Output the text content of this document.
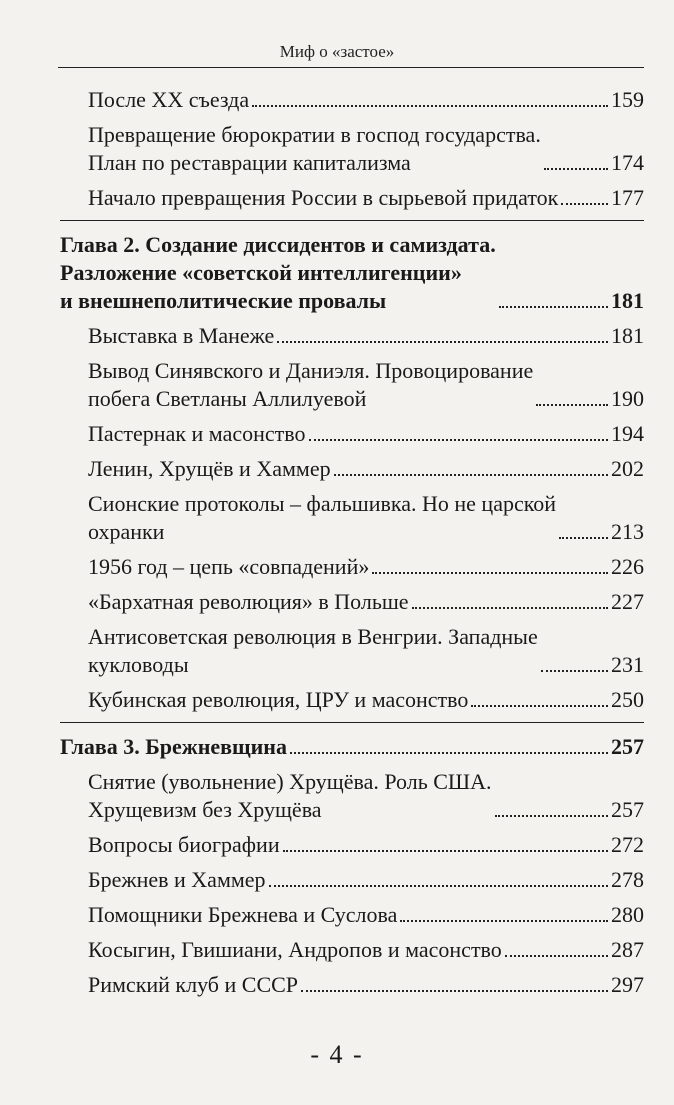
Миф о «застое»
После ХХ съезда	159
Превращение бюрократии в господ государства.
План по реставрации капитализма	174
Начало превращения России в сырьевой придаток 177
Глава 2. Создание диссидентов и самиздата.
Разложение «советской интеллигенции»
и внешнеполитические провалы	181
Выставка в Манеже	181
Вывод Синявского и Даниэля. Провоцирование
побега Светланы Аллилуевой	190
Пастернак и масонство	194
Ленин, Хрущёв и Хаммер	202
Сионские протоколы – фальшивка. Но не царской
охранки	213
1956 год – цепь «совпадений»	226
«Бархатная революция» в Польше	227
Антисоветская революция в Венгрии. Западные
кукловоды	231
Кубинская революция, ЦРУ и масонство	250
Глава 3. Брежневщина	257
Снятие (увольнение) Хрущёва. Роль США.
Хрущевизм без Хрущёва	257
Вопросы биографии	272
Брежнев и Хаммер	278
Помощники Брежнева и Суслова	280
Косыгин, Гвишиани, Андропов и масонство	287
Римский клуб и СССР	297
- 4 -
